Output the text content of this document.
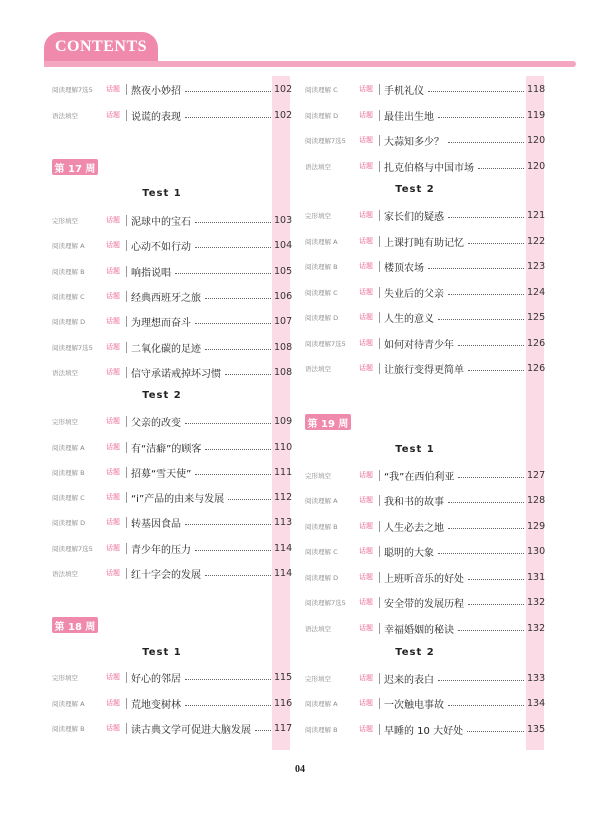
CONTENTS
阅读理解7选5	话题	熬夜小妙招	102
语法填空	话题	说谎的表现	102
第 17 周
Test 1
完形填空	话题	泥球中的宝石	103
阅读理解 A	话题	心动不如行动	104
阅读理解 B	话题	响指说唱	105
阅读理解 C	话题	经典西班牙之旅	106
阅读理解 D	话题	为理想而奋斗	107
阅读理解7选5	话题	二氧化碳的足迹	108
语法填空	话题	信守承诺戒掉坏习惯	108
Test 2
完形填空	话题	父亲的改变	109
阅读理解 A	话题	有“洁癖”的顾客	110
阅读理解 B	话题	招募“雪天使”	111
阅读理解 C	话题	“i”产品的由来与发展	112
阅读理解 D	话题	转基因食品	113
阅读理解7选5	话题	青少年的压力	114
语法填空	话题	红十字会的发展	114
第 18 周
Test 1
完形填空	话题	好心的邻居	115
阅读理解 A	话题	荒地变树林	116
阅读理解 B	话题	读古典文学可促进大脑发展 117
阅读理解 C	话题	手机礼仪	118
阅读理解 D	话题	最佳出生地	119
阅读理解7选5	话题	大蒜知多少？	120
语法填空	话题	扎克伯格与中国市场	120
Test 2
完形填空	话题	家长们的疑惑	121
阅读理解 A	话题	上课打盹有助记忆	122
阅读理解 B	话题	楼顶农场	123
阅读理解 C	话题	失业后的父亲	124
阅读理解 D	话题	人生的意义	125
阅读理解7选5	话题	如何对待青少年	126
语法填空	话题	让旅行变得更简单	126
第 19 周
Test 1
完形填空	话题	“我”在西伯利亚	127
阅读理解 A	话题	我和书的故事	128
阅读理解 B	话题	人生必去之地	129
阅读理解 C	话题	聪明的大象	130
阅读理解 D	话题	上班听音乐的好处	131
阅读理解7选5	话题	安全带的发展历程	132
语法填空	话题	幸福婚姻的秘诀	132
Test 2
完形填空	话题	迟来的表白	133
阅读理解 A	话题	一次触电事故	134
阅读理解 B	话题	早睡的 10 大好处	135
04
